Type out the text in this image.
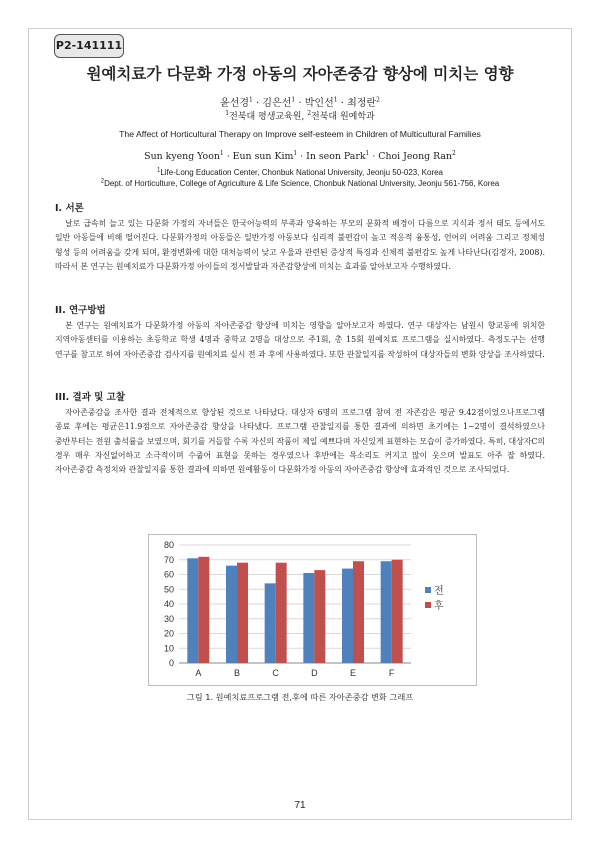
P2-141111
원예치료가 다문화 가정 아동의 자아존중감 향상에 미치는 영향
윤선경$^1$ · 김은선$^1$ · 박인선$^1$ · 최정란$^2$
$^1$전북대 평생교육원, $^2$전북대 원예학과
The Affect of Horticultural Therapy on Improve self-esteem in Children of Multicultural Families
Sun kyeng Yoon$^1$ · Eun sun Kim$^1$ · In seon Park$^1$ · Choi Jeong Ran$^2$
$^1$Life-Long Education Center, Chonbuk National University, Jeonju 50-023, Korea
$^2$Dept. of Horticulture, College of Agriculture & Life Science, Chonbuk National University, Jeonju 561-756, Korea
I. 서론

날로 급속히 늘고 있는 다문화 가정의 자녀들은 한국어능력의 부족과 양육하는 부모의 문화적 배경이 다름으로 지식과 정서 태도 등에서도 일반 아동들에 비해 떨어진다. 다문화가정의 아동들은 일반가정 아동보다 심리적 불편감이 높고 적응적 융통성, 언어의 어려움 그리고 정체성 형성 등의 어려움을 갖게 되며, 환경변화에 대한 대처능력이 낮고 우울과 관련된 증상적 특징과 신체적 불편감도 높게 나타난다(김경자, 2008). 따라서 본 연구는 원예치료가 다문화가정 아이들의 정서발달과 자존감향상에 미치는 효과를 알아보고자 수행하였다.

II. 연구방법

본 연구는 원예치료가 다문화가정 아동의 자아존중감 향상에 미치는 영향을 알아보고자 하였다. 연구 대상자는 남원시 향교동에 위치한 지역아동센터를 이용하는 초등학교 학생 4명과 중학교 2명을 대상으로 주1회, 총 15회 원예치료 프로그램을 실시하였다. 측정도구는 선행 연구를 참고로 하여 자아존중감 검사지를 원예치료 실시 전 과 후에 사용하였다. 또한 관찰일지를 작성하여 대상자들의 변화 양상을 조사하였다.

III. 결과 및 고찰

자아존중감을 조사한 결과 전체적으로 향상된 것으로 나타났다. 대상자 6명의 프로그램 참여 전 자존감은 평균 9.42점이었으나프로그램 종료 후에는 평균은11.9점으로 자아존중감 향상을 나타냈다. 프로그램 관찰일지를 통한 결과에 의하면 초기에는 1~2명이 결석하였으나 중반부터는 전원 출석률을 보였으며, 회기를 거듭할 수록 자신의 작품이 제일 예쁘다며 자신있게 표현하는 모습이 증가하였다. 특히, 대상자C의 경우 매우 자신없어하고 소극적이며 수줍어 표현을 못하는 경우였으나 후반에는 목소리도 커지고 많이 웃으며 발표도 아주 잘 하였다. 자아존중감 측정치와 관찰일지를 통한 결과에 의하면 원예활동이 다문화가정 아동의 자아존중감 향상에 효과적인 것으로 조사되었다.

0
10
20
30
40
50
60
70
80
A	B	C	D	E	F
전
후
그림 1. 원예치료프로그램 전,후에 따른 자아존중감 변화 그래프
71
